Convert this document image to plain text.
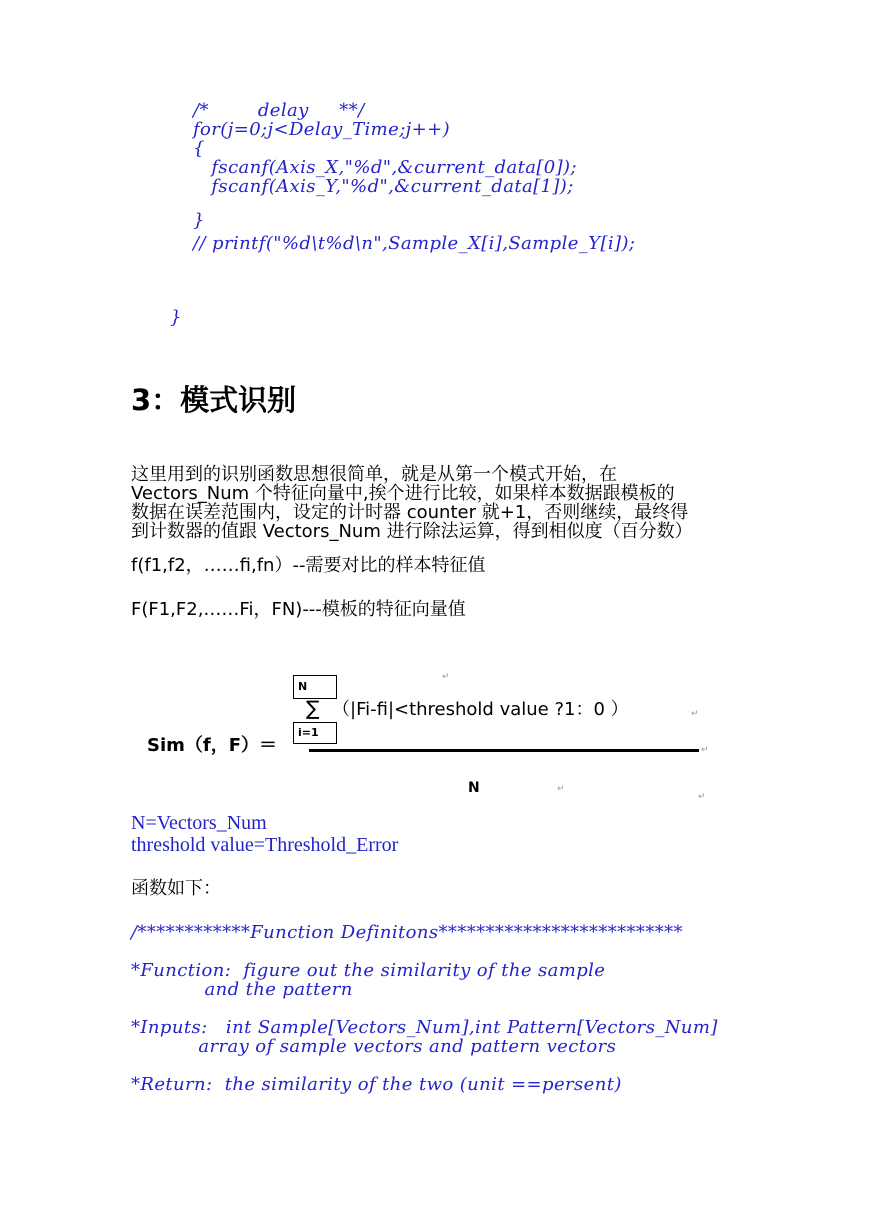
/*        delay     **/
for(j=0;j<Delay_Time;j++)
{
fscanf(Axis_X,"%d",&current_data[0]);
fscanf(Axis_Y,"%d",&current_data[1]);
}
// printf("%d\t%d\n",Sample_X[i],Sample_Y[i]);
}
3：模式识别
这里用到的识别函数思想很简单，就是从第一个模式开始，在
Vectors_Num 个特征向量中,挨个进行比较，如果样本数据跟模板的
数据在误差范围内，设定的计时器 counter 就+1，否则继续，最终得
到计数器的值跟 Vectors_Num 进行除法运算，得到相似度（百分数）
f(f1,f2，……fi,fn）--需要对比的样本特征值
F(F1,F2,……Fi，FN)---模板的特征向量值
N
∑ （|Fi-fi|<threshold value ?1：0 ）
i=1
Sim（f，F）＝
N
↵
↵
↵
↵
↵
N=Vectors_Num
threshold value=Threshold_Error
函数如下：
/************Function Definitons**************************
*Function:  figure out the similarity of the sample
and the pattern
*Inputs:   int Sample[Vectors_Num],int Pattern[Vectors_Num]
array of sample vectors and pattern vectors
*Return:  the similarity of the two (unit ==persent)
